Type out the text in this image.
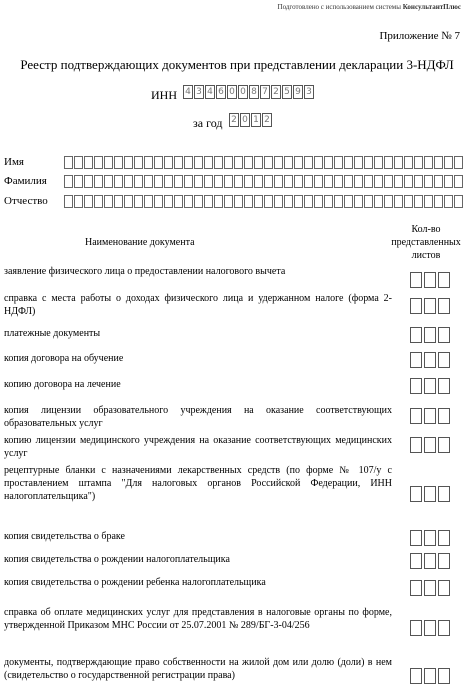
Подготовлено с использованием системы КонсультантПлюс
Приложение № 7
Реестр подтверждающих документов при представлении декларации 3-НДФЛ
ИНН 4 3 4 6 0 0 8 7 2 5 9 3
за год 2 0 1 2
Имя
Фамилия
Отчество
Наименование документа
Кол-во представленных листов
заявление физического лица о предоставлении налогового вычета
справка с места работы о доходах физического лица и удержанном налоге (форма 2-НДФЛ)
платежные документы
копия договора на обучение
копию договора на лечение
копия лицензии образовательного учреждения на оказание соответствующих образовательных услуг
копию лицензии медицинского учреждения на оказание соответствующих медицинских услуг
рецептурные бланки с назначениями лекарственных средств (по форме № 107/у с проставлением штампа "Для налоговых органов Российской Федерации, ИНН налогоплательщика")
копия свидетельства о браке
копия свидетельства о рождении налогоплательщика
копия свидетельства о рождении ребенка налогоплательщика
справка об оплате медицинских услуг для представления в налоговые органы по форме, утвержденной Приказом МНС России от 25.07.2001 № 289/БГ-3-04/256
документы, подтверждающие право собственности на жилой дом или долю (доли) в нем (свидетельство о государственной регистрации права)
